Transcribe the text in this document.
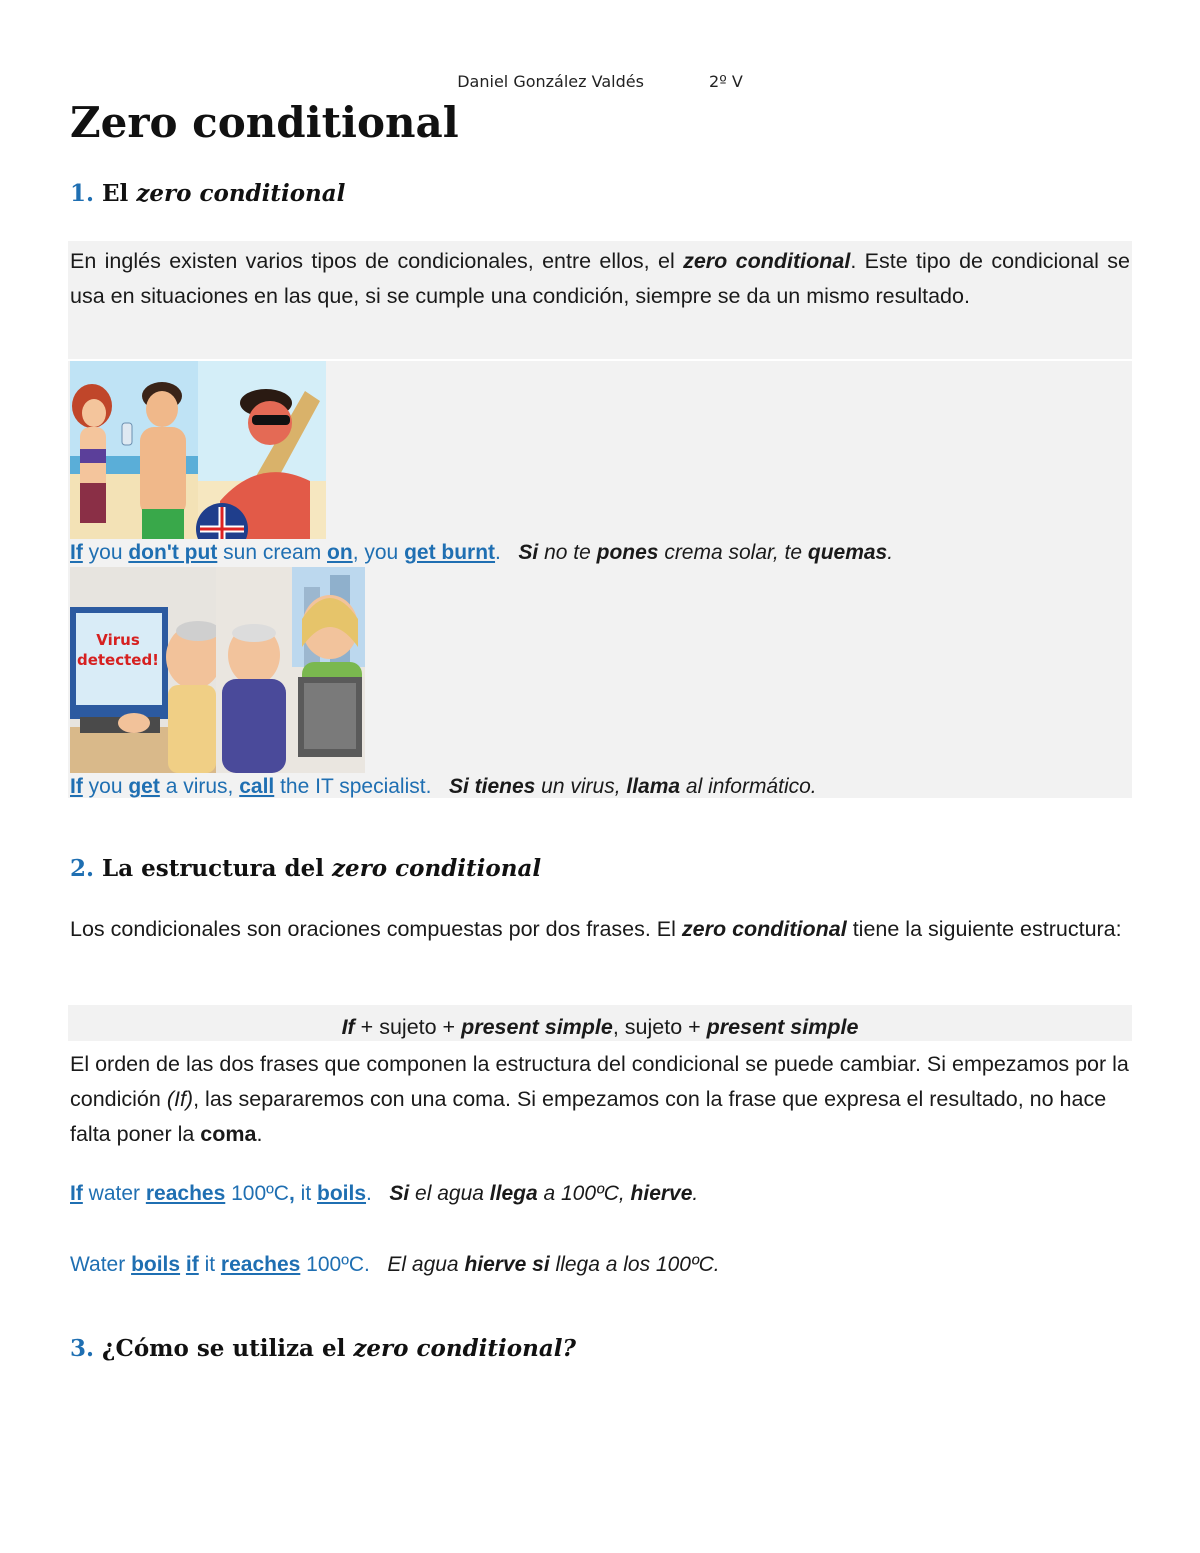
Daniel González Valdés	2º V
Zero conditional
1. El zero conditional

En inglés existen varios tipos de condicionales, entre ellos, el zero conditional. Este tipo de condicional se usa en situaciones en las que, si se cumple una condición, siempre se da un mismo resultado.

If you don't put sun cream on, you get burnt. Si no te pones crema solar, te quemas.

Virus
detected!

If you get a virus, call the IT specialist. Si tienes un virus, llama al informático.

2. La estructura del zero conditional

Los condicionales son oraciones compuestas por dos frases. El zero conditional tiene la siguiente estructura:

If + sujeto + present simple, sujeto + present simple

El orden de las dos frases que componen la estructura del condicional se puede cambiar. Si empezamos por la condición (If), las separaremos con una coma. Si empezamos con la frase que expresa el resultado, no hace falta poner la coma.

If water reaches 100ºC, it boils. Si el agua llega a 100ºC, hierve.

Water boils if it reaches 100ºC. El agua hierve si llega a los 100ºC.

3. ¿Cómo se utiliza el zero conditional?
